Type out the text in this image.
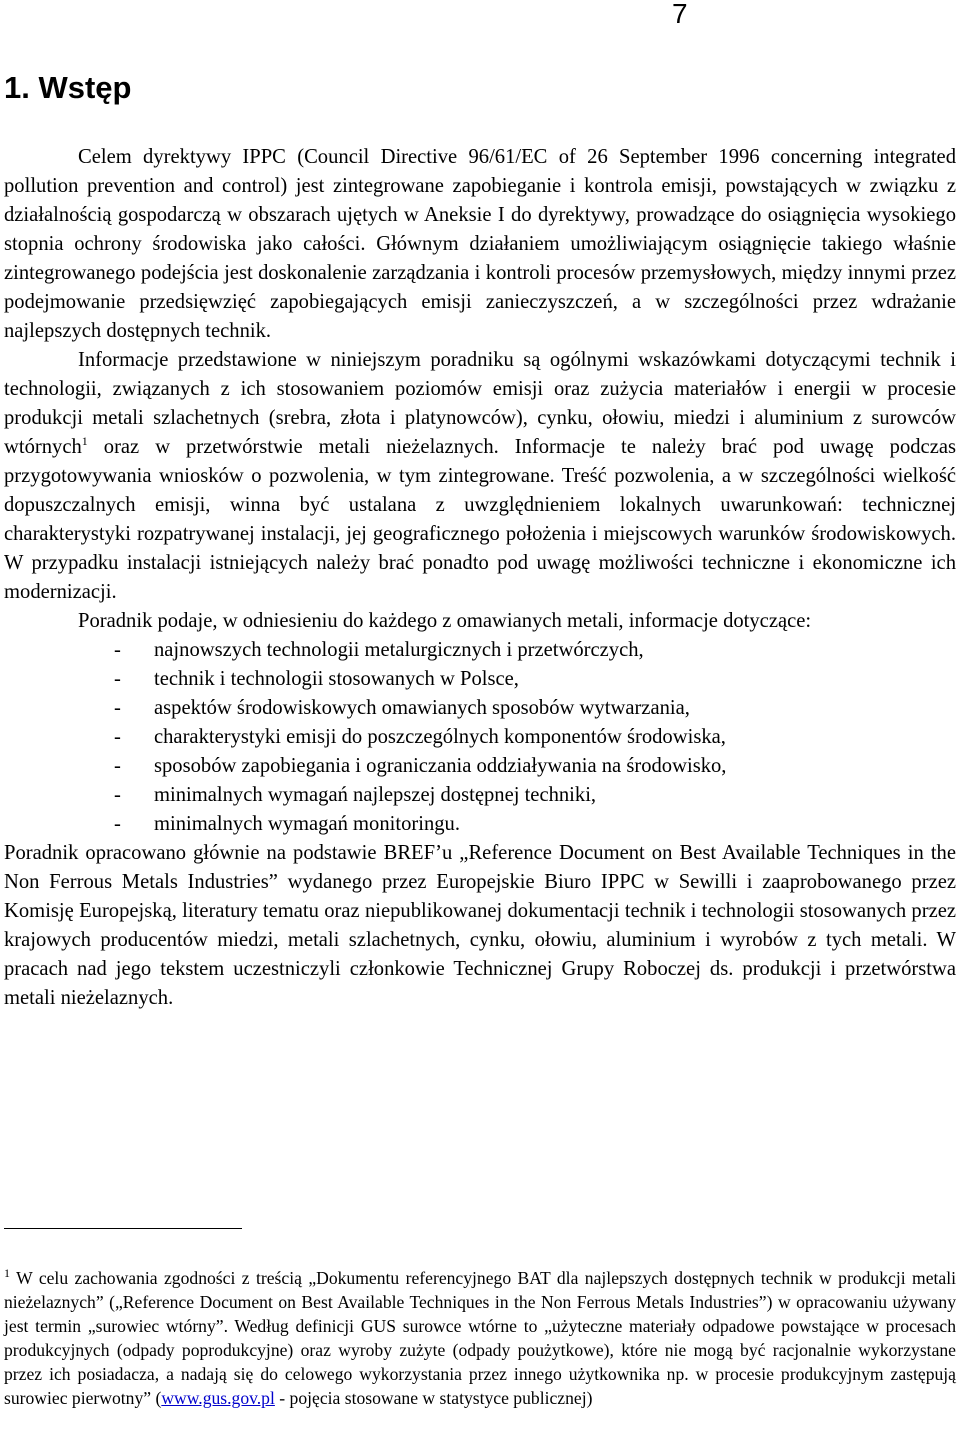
7
1. Wstęp

Celem dyrektywy IPPC (Council Directive 96/61/EC of 26 September 1996 concerning integrated pollution prevention and control) jest zintegrowane zapobieganie i kontrola emisji, powstających w związku z działalnością gospodarczą w obszarach ujętych w Aneksie I do dyrektywy, prowadzące do osiągnięcia wysokiego stopnia ochrony środowiska jako całości. Głównym działaniem umożliwiającym osiągnięcie takiego właśnie zintegrowanego podejścia jest doskonalenie zarządzania i kontroli procesów przemysłowych, między innymi przez podejmowanie przedsięwzięć zapobiegających emisji zanieczyszczeń, a w szczególności przez wdrażanie najlepszych dostępnych technik.

Informacje przedstawione w niniejszym poradniku są ogólnymi wskazówkami dotyczącymi technik i technologii, związanych z ich stosowaniem poziomów emisji oraz zużycia materiałów i energii w procesie produkcji metali szlachetnych (srebra, złota i platynowców), cynku, ołowiu, miedzi i aluminium z surowców wtórnych$^1$ oraz w przetwórstwie metali nieżelaznych. Informacje te należy brać pod uwagę podczas przygotowywania wniosków o pozwolenia, w tym zintegrowane. Treść pozwolenia, a w szczególności wielkość dopuszczalnych emisji, winna być ustalana z uwzględnieniem lokalnych uwarunkowań: technicznej charakterystyki rozpatrywanej instalacji, jej geograficznego położenia i miejscowych warunków środowiskowych. W przypadku instalacji istniejących należy brać ponadto pod uwagę możliwości techniczne i ekonomiczne ich modernizacji.

Poradnik podaje, w odniesieniu do każdego z omawianych metali, informacje dotyczące:

- najnowszych technologii metalurgicznych i przetwórczych,
- technik i technologii stosowanych w Polsce,
- aspektów środowiskowych omawianych sposobów wytwarzania,
- charakterystyki emisji do poszczególnych komponentów środowiska,
- sposobów zapobiegania i ograniczania oddziaływania na środowisko,
- minimalnych wymagań najlepszej dostępnej techniki,
- minimalnych wymagań monitoringu.

Poradnik opracowano głównie na podstawie BREF’u „Reference Document on Best Available Techniques in the Non Ferrous Metals Industries” wydanego przez Europejskie Biuro IPPC w Sewilli i zaaprobowanego przez Komisję Europejską, literatury tematu oraz niepublikowanej dokumentacji technik i technologii stosowanych przez krajowych producentów miedzi, metali szlachetnych, cynku, ołowiu, aluminium i wyrobów z tych metali. W pracach nad jego tekstem uczestniczyli członkowie Technicznej Grupy Roboczej ds. produkcji i przetwórstwa metali nieżelaznych.

$^1$ W celu zachowania zgodności z treścią „Dokumentu referencyjnego BAT dla najlepszych dostępnych technik w produkcji metali nieżelaznych” („Reference Document on Best Available Techniques in the Non Ferrous Metals Industries”) w opracowaniu używany jest termin „surowiec wtórny”. Według definicji GUS surowce wtórne to „użyteczne materiały odpadowe powstające w procesach produkcyjnych (odpady poprodukcyjne) oraz wyroby zużyte (odpady poużytkowe), które nie mogą być racjonalnie wykorzystane przez ich posiadacza, a nadają się do celowego wykorzystania przez innego użytkownika np. w procesie produkcyjnym zastępują surowiec pierwotny” (www.gus.gov.pl - pojęcia stosowane w statystyce publicznej)
